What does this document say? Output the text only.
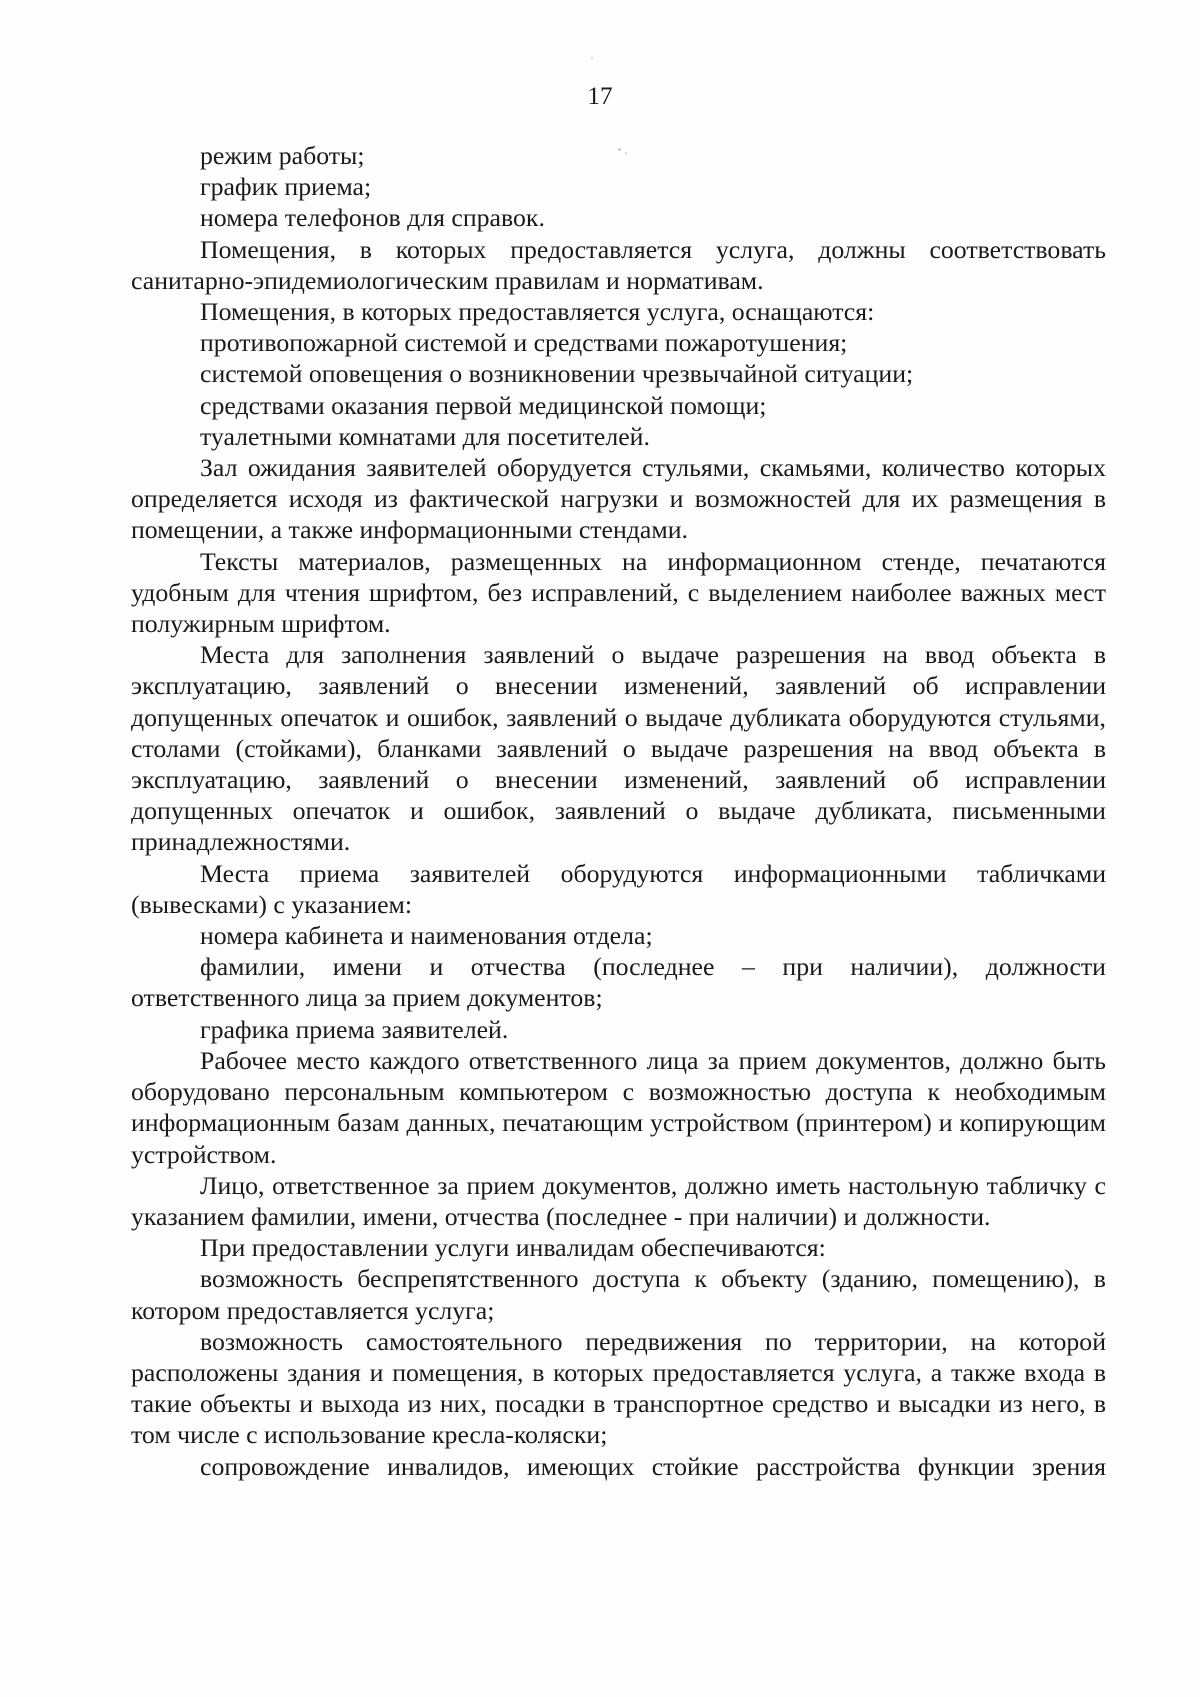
17

режим работы;

график приема;

номера телефонов для справок.

Помещения, в которых предоставляется услуга, должны соответствовать санитарно-эпидемиологическим правилам и нормативам.

Помещения, в которых предоставляется услуга, оснащаются:

противопожарной системой и средствами пожаротушения;

системой оповещения о возникновении чрезвычайной ситуации;

средствами оказания первой медицинской помощи;

туалетными комнатами для посетителей.

Зал ожидания заявителей оборудуется стульями, скамьями, количество которых определяется исходя из фактической нагрузки и возможностей для их размещения в помещении, а также информационными стендами.

Тексты материалов, размещенных на информационном стенде, печатаются удобным для чтения шрифтом, без исправлений, с выделением наиболее важных мест полужирным шрифтом.

Места для заполнения заявлений о выдаче разрешения на ввод объекта в эксплуатацию, заявлений о внесении изменений, заявлений об исправлении допущенных опечаток и ошибок, заявлений о выдаче дубликата оборудуются стульями, столами (стойками), бланками заявлений о выдаче разрешения на ввод объекта в эксплуатацию, заявлений о внесении изменений, заявлений об исправлении допущенных опечаток и ошибок, заявлений о выдаче дубликата, письменными принадлежностями.

Места приема заявителей оборудуются информационными табличками (вывесками) с указанием:

номера кабинета и наименования отдела;

фамилии, имени и отчества (последнее – при наличии), должности ответственного лица за прием документов;

графика приема заявителей.

Рабочее место каждого ответственного лица за прием документов, должно быть оборудовано персональным компьютером с возможностью доступа к необходимым информационным базам данных, печатающим устройством (принтером) и копирующим устройством.

Лицо, ответственное за прием документов, должно иметь настольную табличку с указанием фамилии, имени, отчества (последнее - при наличии) и должности.

При предоставлении услуги инвалидам обеспечиваются:

возможность беспрепятственного доступа к объекту (зданию, помещению), в котором предоставляется услуга;

возможность самостоятельного передвижения по территории, на которой расположены здания и помещения, в которых предоставляется услуга, а также входа в такие объекты и выхода из них, посадки в транспортное средство и высадки из него, в том числе с использование кресла-коляски;

сопровождение инвалидов, имеющих стойкие расстройства функции зрения
